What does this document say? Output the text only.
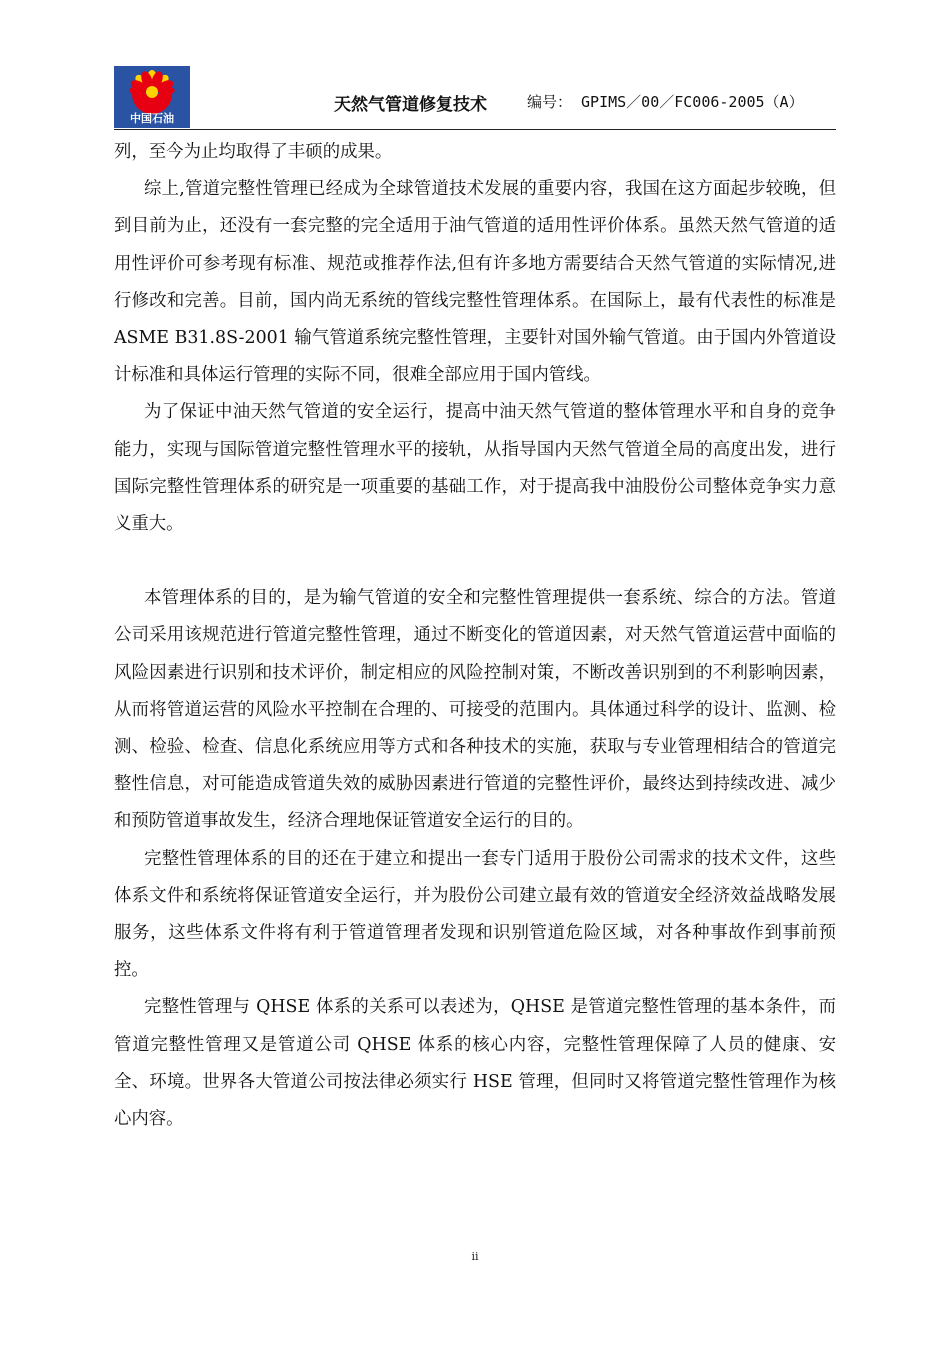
中国石油
天然气管道修复技术	编号： GPIMS／00／FC006-2005（A）

列，至今为止均取得了丰硕的成果。

综上,管道完整性管理已经成为全球管道技术发展的重要内容，我国在这方面起步较晚，但到目前为止，还没有一套完整的完全适用于油气管道的适用性评价体系。虽然天然气管道的适用性评价可参考现有标准、规范或推荐作法,但有许多地方需要结合天然气管道的实际情况,进行修改和完善。目前，国内尚无系统的管线完整性管理体系。在国际上，最有代表性的标准是 ASME B31.8S-2001 输气管道系统完整性管理，主要针对国外输气管道。由于国内外管道设计标准和具体运行管理的实际不同，很难全部应用于国内管线。

为了保证中油天然气管道的安全运行，提高中油天然气管道的整体管理水平和自身的竞争能力，实现与国际管道完整性管理水平的接轨，从指导国内天然气管道全局的高度出发，进行国际完整性管理体系的研究是一项重要的基础工作，对于提高我中油股份公司整体竞争实力意义重大。

本管理体系的目的，是为输气管道的安全和完整性管理提供一套系统、综合的方法。管道公司采用该规范进行管道完整性管理，通过不断变化的管道因素，对天然气管道运营中面临的风险因素进行识别和技术评价，制定相应的风险控制对策，不断改善识别到的不利影响因素，从而将管道运营的风险水平控制在合理的、可接受的范围内。具体通过科学的设计、监测、检测、检验、检查、信息化系统应用等方式和各种技术的实施，获取与专业管理相结合的管道完整性信息，对可能造成管道失效的威胁因素进行管道的完整性评价，最终达到持续改进、减少和预防管道事故发生，经济合理地保证管道安全运行的目的。

完整性管理体系的目的还在于建立和提出一套专门适用于股份公司需求的技术文件，这些体系文件和系统将保证管道安全运行，并为股份公司建立最有效的管道安全经济效益战略发展服务，这些体系文件将有利于管道管理者发现和识别管道危险区域，对各种事故作到事前预控。

完整性管理与 QHSE 体系的关系可以表述为，QHSE 是管道完整性管理的基本条件，而管道完整性管理又是管道公司 QHSE 体系的核心内容，完整性管理保障了人员的健康、安全、环境。世界各大管道公司按法律必须实行 HSE 管理，但同时又将管道完整性管理作为核心内容。

ii
